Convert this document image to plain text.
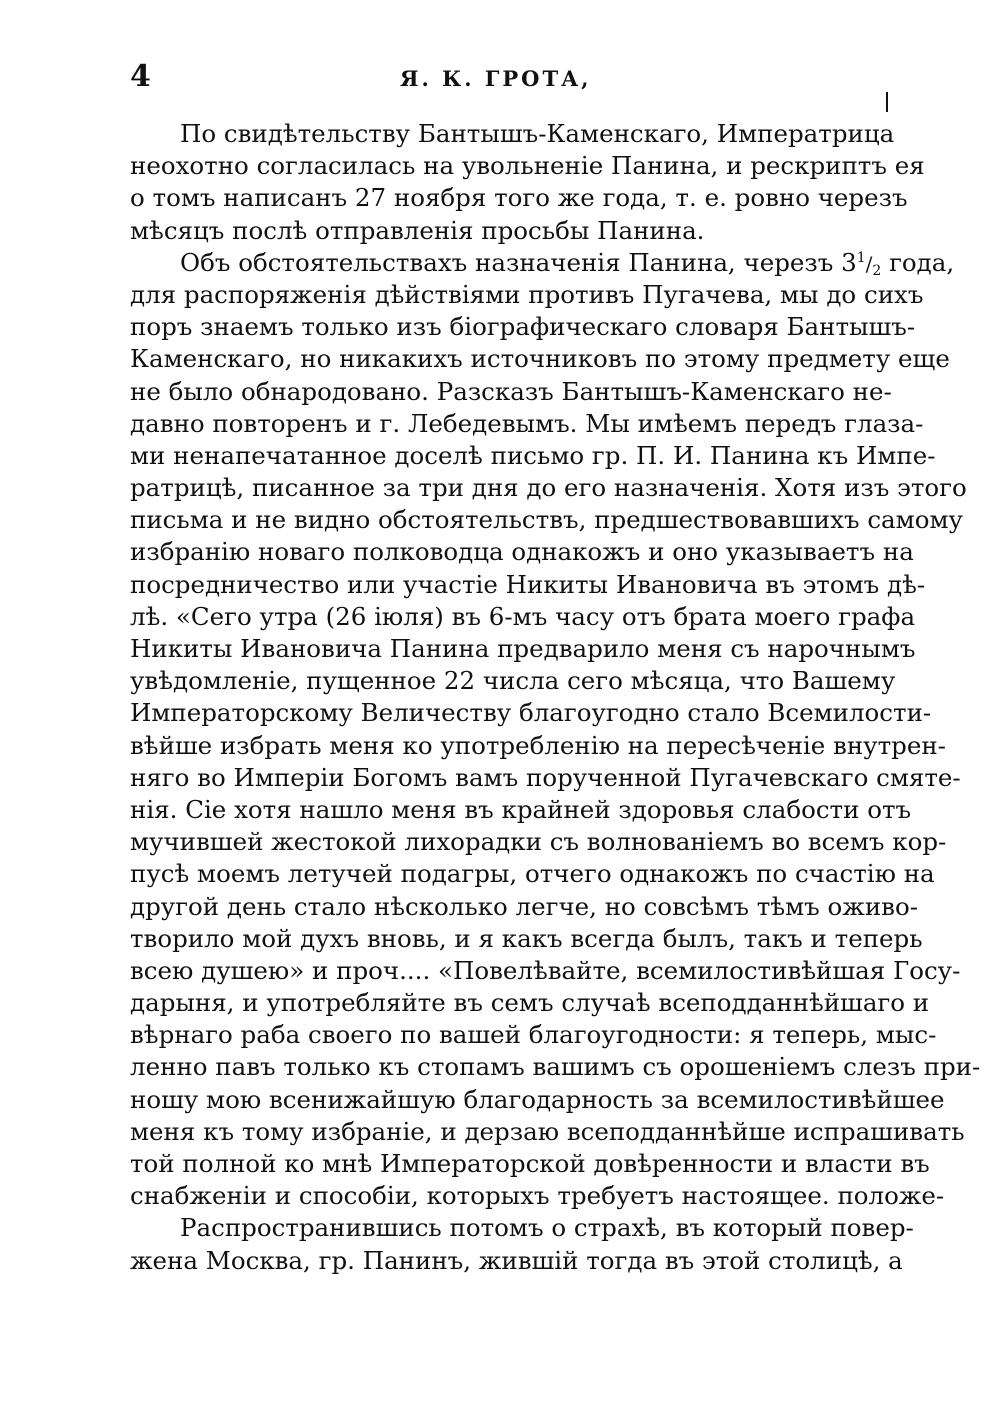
4	Я. К. ГРОТА,
По свидѣтельству Бантышъ-Каменскаго, Императрица
неохотно согласилась на увольненіе Панина, и рескриптъ ея
о томъ написанъ 27 ноября того же года, т. е. ровно черезъ
мѣсяцъ послѣ отправленія просьбы Панина.
Объ обстоятельствахъ назначенія Панина, черезъ $3^1/2$ года,
для распоряженія дѣйствіями противъ Пугачева, мы до сихъ
поръ знаемъ только изъ біографическаго словаря Бантышъ-
Каменскаго, но никакихъ источниковъ по этому предмету еще
не было обнародовано. Разсказъ Бантышъ-Каменскаго не-
давно повторенъ и г. Лебедевымъ. Мы имѣемъ передъ глаза-
ми ненапечатанное доселѣ письмо гр. П. И. Панина къ Импе-
ратрицѣ, писанное за три дня до его назначенія. Хотя изъ этого
письма и не видно обстоятельствъ, предшествовавшихъ самому
избранію новаго полководца однакожъ и оно указываетъ на
посредничество или участіе Никиты Ивановича въ этомъ дѣ-
лѣ. «Сего утра (26 іюля) въ 6-мъ часу отъ брата моего графа
Никиты Ивановича Панина предварило меня съ нарочнымъ
увѣдомленіе, пущенное 22 числа сего мѣсяца, что Вашему
Императорскому Величеству благоугодно стало Всемилости-
вѣйше избрать меня ко употребленію на пересѣченіе внутрен-
няго во Имперіи Богомъ вамъ порученной Пугачевскаго смяте-
нія. Сіе хотя нашло меня въ крайней здоровья слабости отъ
мучившей жестокой лихорадки съ волнованіемъ во всемъ кор-
пусѣ моемъ летучей подагры, отчего однакожъ по счастію на
другой день стало нѣсколько легче, но совсѣмъ тѣмъ оживо-
творило мой духъ вновь, и я какъ всегда былъ, такъ и теперь
всею душею» и проч.... «Повелѣвайте, всемилостивѣйшая Госу-
дарыня, и употребляйте въ семъ случаѣ всеподданнѣйшаго и
вѣрнаго раба своего по вашей благоугодности: я теперь, мыс-
ленно павъ только къ стопамъ вашимъ съ орошеніемъ слезъ при-
ношу мою всенижайшую благодарность за всемилостивѣйшее
меня къ тому избраніе, и дерзаю всеподданнѣйше испрашивать
той полной ко мнѣ Императорской довѣренности и власти въ
снабженіи и способіи, которыхъ требуетъ настоящее. положе-
Распространившись потомъ о страхѣ, въ который повер-
жена Москва, гр. Панинъ, жившій тогда въ этой столицѣ, а
